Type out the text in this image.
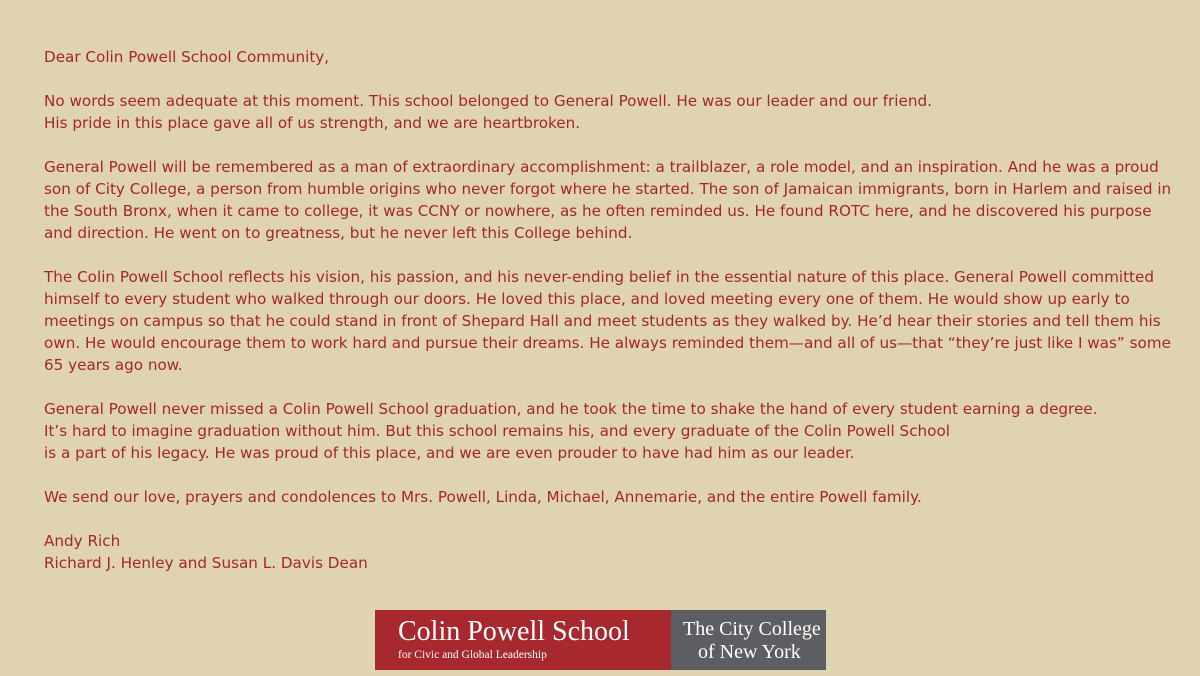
Dear Colin Powell School Community,

No words seem adequate at this moment. This school belonged to General Powell. He was our leader and our friend.
His pride in this place gave all of us strength, and we are heartbroken.

General Powell will be remembered as a man of extraordinary accomplishment: a trailblazer, a role model, and an inspiration. And he was a proud son of City College, a person from humble origins who never forgot where he started. The son of Jamaican immigrants, born in Harlem and raised in the South Bronx, when it came to college, it was CCNY or nowhere, as he often reminded us. He found ROTC here, and he discovered his purpose and direction. He went on to greatness, but he never left this College behind.

The Colin Powell School reflects his vision, his passion, and his never-ending belief in the essential nature of this place. General Powell committed himself to every student who walked through our doors. He loved this place, and loved meeting every one of them. He would show up early to meetings on campus so that he could stand in front of Shepard Hall and meet students as they walked by. He’d hear their stories and tell them his own. He would encourage them to work hard and pursue their dreams. He always reminded them—and all of us—that “they’re just like I was” some 65 years ago now.

General Powell never missed a Colin Powell School graduation, and he took the time to shake the hand of every student earning a degree.
It’s hard to imagine graduation without him. But this school remains his, and every graduate of the Colin Powell School
is a part of his legacy. He was proud of this place, and we are even prouder to have had him as our leader.

We send our love, prayers and condolences to Mrs. Powell, Linda, Michael, Annemarie, and the entire Powell family.

Andy Rich

Richard J. Henley and Susan L. Davis Dean

Colin Powell School
for Civic and Global Leadership
The City College
of New York
